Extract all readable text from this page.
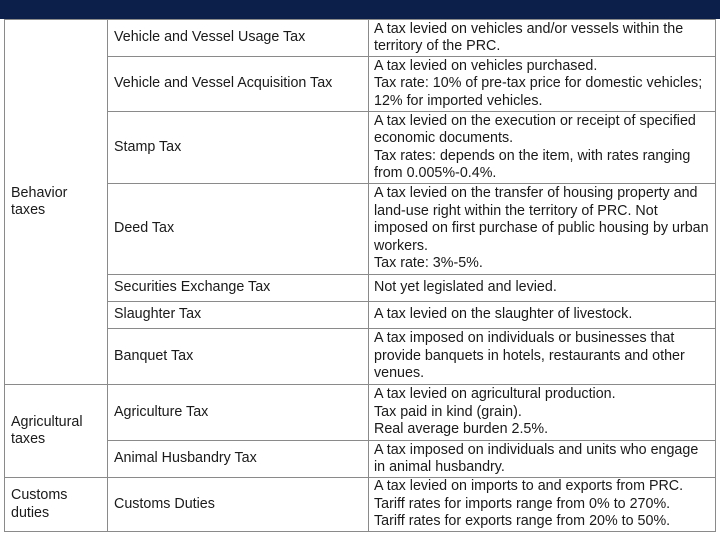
Behavior taxes	Vehicle and Vessel Usage Tax	A tax levied on vehicles and/or vessels within the territory of the PRC.

	Vehicle and Vessel Acquisition Tax	A tax levied on vehicles purchased.
Tax rate: 10% of pre-tax price for domestic vehicles; 12% for imported vehicles.

	Stamp Tax	A tax levied on the execution or receipt of specified economic documents.
Tax rates: depends on the item, with rates ranging from 0.005%-0.4%.

	Deed Tax	A tax levied on the transfer of housing property and land-use right within the territory of PRC. Not imposed on first purchase of public housing by urban workers.
Tax rate: 3%-5%.

	Securities Exchange Tax	Not yet legislated and levied.

	Slaughter Tax	A tax levied on the slaughter of livestock.

	Banquet Tax	A tax imposed on individuals or businesses that provide banquets in hotels, restaurants and other venues.

Agricultural taxes	Agriculture Tax	A tax levied on agricultural production.
Tax paid in kind (grain).
Real average burden 2.5%.

	Animal Husbandry Tax	A tax imposed on individuals and units who engage in animal husbandry.

Customs duties	Customs Duties	A tax levied on imports to and exports from PRC.
Tariff rates for imports range from 0% to 270%.
Tariff rates for exports range from 20% to 50%.
